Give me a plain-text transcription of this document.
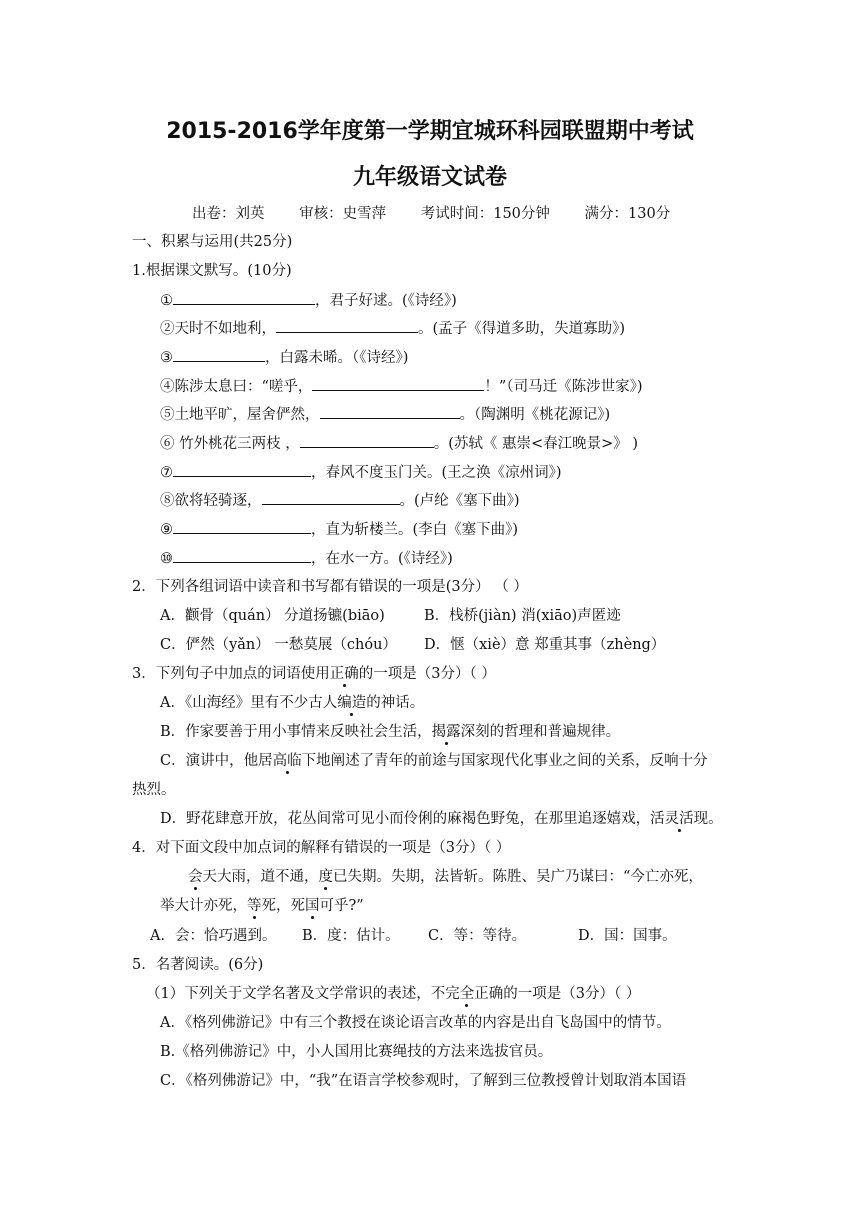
2015-2016学年度第一学期宜城环科园联盟期中考试
九年级语文试卷
出卷：刘英 审核：史雪萍 考试时间：150分钟 满分：130分
一、积累与运用(共25分)
1.根据课文默写。(10分)
①	，君子好逑。(《诗经》)
②天时不如地利，	。(孟子《得道多助，失道寡助》)
③	，白露未晞。（《诗经》)
④陈涉太息曰：“嗟乎，	！”（司马迁《陈涉世家》)
⑤土地平旷，屋舍俨然，	。（陶渊明《桃花源记》)
⑥ 竹外桃花三两枝 ，	。(苏轼《 惠崇<春江晚景>》 )
⑦	，春风不度玉门关。(王之涣《凉州词》)
⑧欲将轻骑逐，	。(卢纶《塞下曲》)
⑨	，直为斩楼兰。(李白《塞下曲》)
⑩	，在水一方。(《诗经》)
2．下列各组词语中读音和书写都有错误的一项是(3分） （ ）
A．颧骨（quán） 分道扬镳(biāo)	B．栈桥(jiàn) 消(xiāo)声匿迹
C．俨然（yǎn） 一愁莫展（chóu） D．惬（xiè）意 郑重其事（zhèng）
3．下列句子中加点的词语使用正确的一项是（3分）（ ）
A．《山海经》里有不少古人编造的神话。
B．作家要善于用小事情来反映社会生活，揭露深刻的哲理和普遍规律。
C．演讲中，他居高临下地阐述了青年的前途与国家现代化事业之间的关系，反响十分
热烈。
D．野花肆意开放，花丛间常可见小而伶俐的麻褐色野兔，在那里追逐嬉戏，活灵活现。
4．对下面文段中加点词的解释有错误的一项是（3分）（ ）
会天大雨，道不通，度已失期。失期，法皆斩。陈胜、吴广乃谋曰：“今亡亦死，
举大计亦死，等死，死国可乎?”
A．会：恰巧遇到。 B．度：估计。 C．等：等待。	D．国：国事。
5．名著阅读。(6分)
（1）下列关于文学名著及文学常识的表述，不完全正确的一项是（3分）（ ）
A．《格列佛游记》中有三个教授在谈论语言改革的内容是出自飞岛国中的情节。
B.《格列佛游记》中，小人国用比赛绳技的方法来选拔官员。
C．《格列佛游记》中，“我”在语言学校参观时，了解到三位教授曾计划取消本国语
